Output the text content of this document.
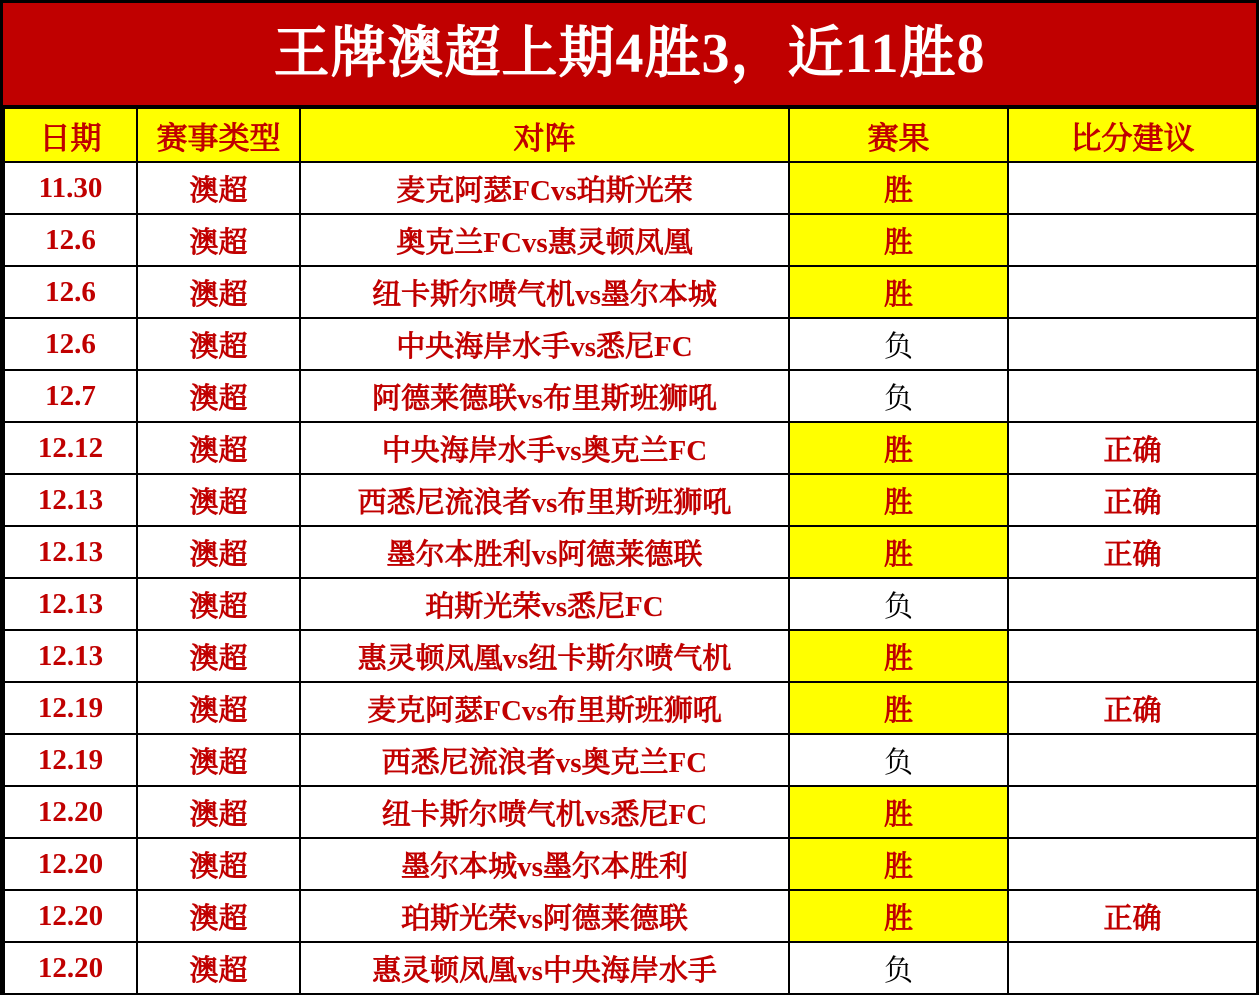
王牌澳超上期4胜3，近11胜8
日期	赛事类型	对阵	赛果	比分建议
11.30	澳超	麦克阿瑟FCvs珀斯光荣	胜	
12.6	澳超	奥克兰FCvs惠灵顿凤凰	胜	
12.6	澳超	纽卡斯尔喷气机vs墨尔本城	胜	
12.6	澳超	中央海岸水手vs悉尼FC	负	
12.7	澳超	阿德莱德联vs布里斯班狮吼	负	
12.12	澳超	中央海岸水手vs奥克兰FC	胜	正确
12.13	澳超	西悉尼流浪者vs布里斯班狮吼	胜	正确
12.13	澳超	墨尔本胜利vs阿德莱德联	胜	正确
12.13	澳超	珀斯光荣vs悉尼FC	负	
12.13	澳超	惠灵顿凤凰vs纽卡斯尔喷气机	胜	
12.19	澳超	麦克阿瑟FCvs布里斯班狮吼	胜	正确
12.19	澳超	西悉尼流浪者vs奥克兰FC	负	
12.20	澳超	纽卡斯尔喷气机vs悉尼FC	胜	
12.20	澳超	墨尔本城vs墨尔本胜利	胜	
12.20	澳超	珀斯光荣vs阿德莱德联	胜	正确
12.20	澳超	惠灵顿凤凰vs中央海岸水手	负	
